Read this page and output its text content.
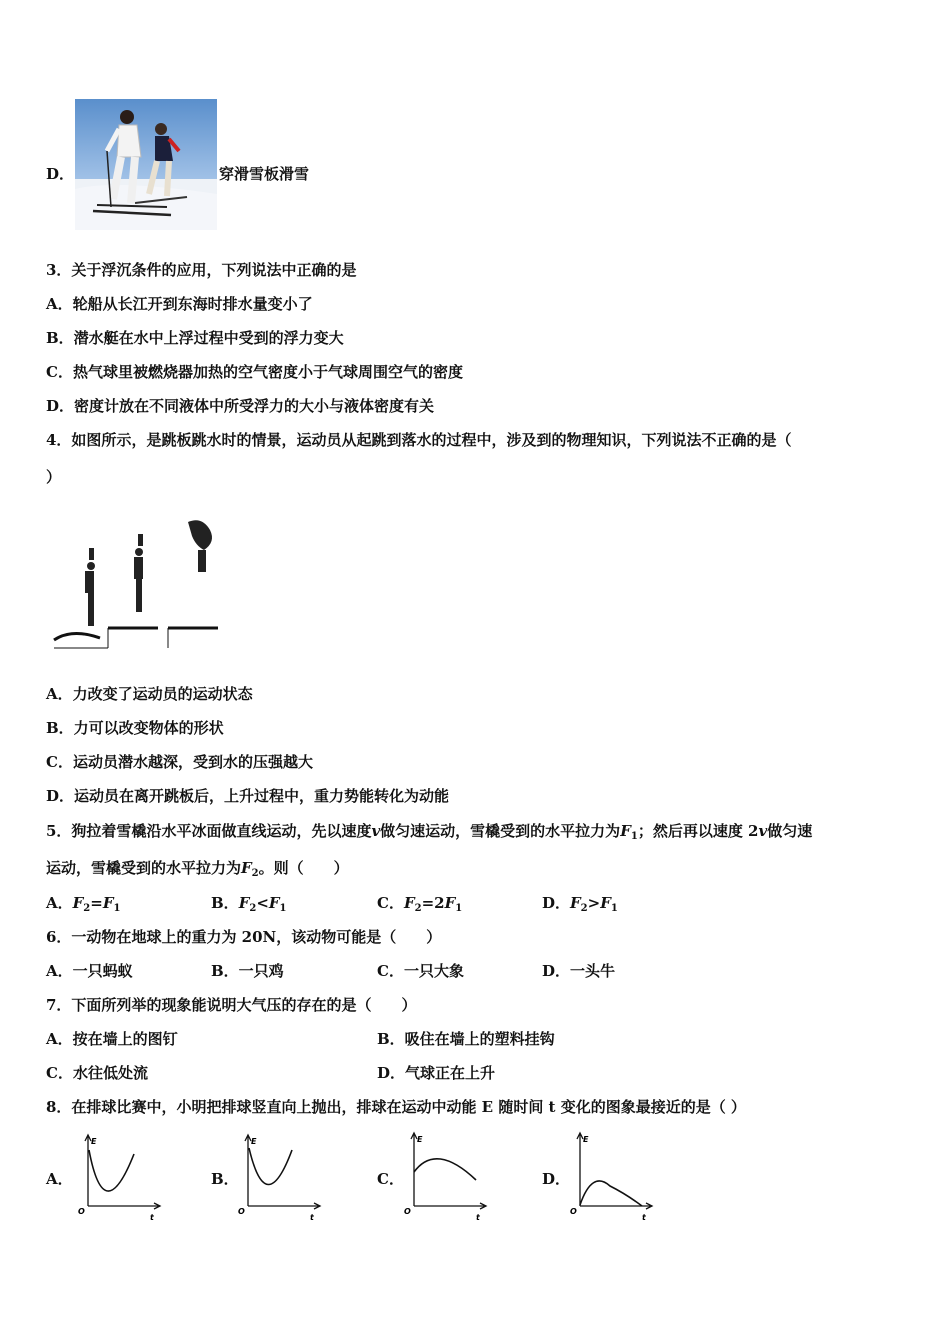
D．	穿滑雪板滑雪
3．关于浮沉条件的应用，下列说法中正确的是
A．轮船从长江开到东海时排水量变小了
B．潜水艇在水中上浮过程中受到的浮力变大
C．热气球里被燃烧器加热的空气密度小于气球周围空气的密度
D．密度计放在不同液体中所受浮力的大小与液体密度有关
4．如图所示，是跳板跳水时的情景，运动员从起跳到落水的过程中，涉及到的物理知识，下列说法不正确的是（
）
A．力改变了运动员的运动状态
B．力可以改变物体的形状
C．运动员潜水越深，受到水的压强越大
D．运动员在离开跳板后，上升过程中，重力势能转化为动能
5．狗拉着雪橇沿水平冰面做直线运动，先以速度v做匀速运动，雪橇受到的水平拉力为$F_1$；然后再以速度 2v做匀速
运动，雪橇受到的水平拉力为$F_2$。则（　　）
A．$F_2=F_1$	B．$F_2<F_1$	C．$F_2=2F_1$	D．$F_2>F_1$
6．一动物在地球上的重力为 20N，该动物可能是（　　）
A．一只蚂蚁	B．一只鸡	C．一只大象	D．一头牛
7．下面所列举的现象能说明大气压的存在的是（　　）
A．按在墙上的图钉	B．吸住在墙上的塑料挂钩
C．水往低处流	D．气球正在上升
8．在排球比赛中，小明把排球竖直向上抛出，排球在运动中动能 E 随时间 t 变化的图象最接近的是（ ）
A．
E
O
t
B．
E
O
t
C．
E
O
t
D．
E
O
t
